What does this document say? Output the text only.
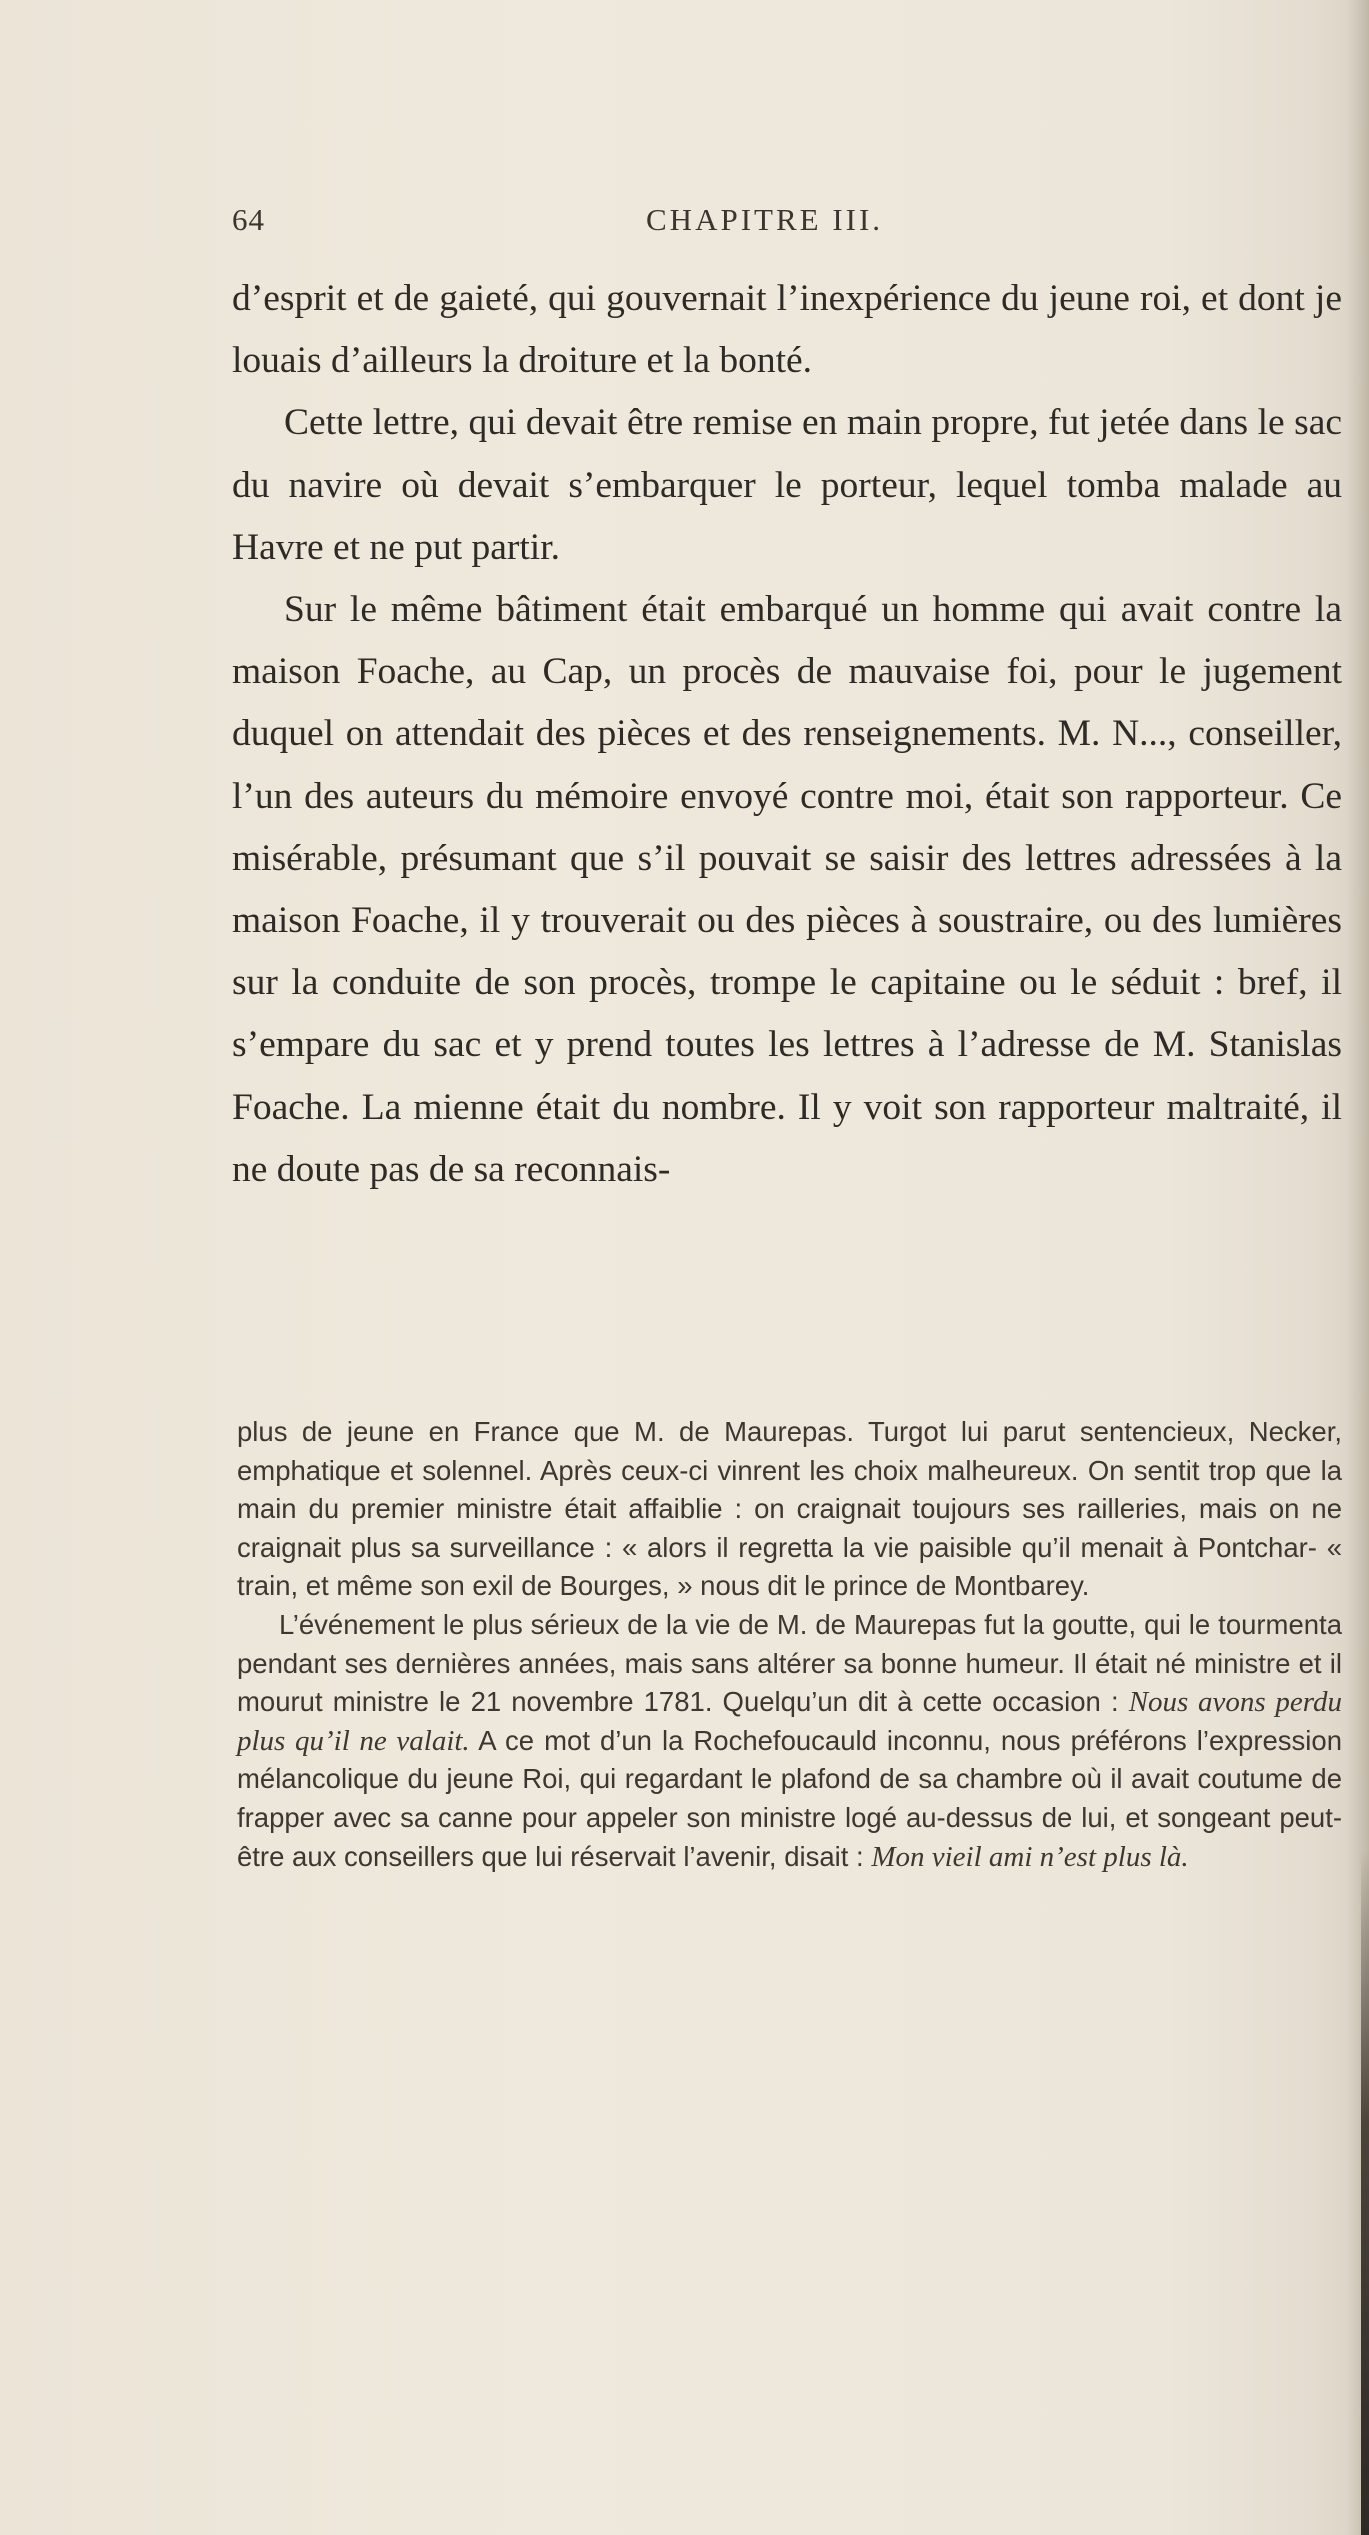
64	CHAPITRE III.

d’esprit et de gaieté, qui gouvernait l’inexpérience du jeune roi, et dont je louais d’ailleurs la droiture et la bonté.

Cette lettre, qui devait être remise en main propre, fut jetée dans le sac du navire où devait s’embarquer le porteur, lequel tomba malade au Havre et ne put partir.

Sur le même bâtiment était embarqué un homme qui avait contre la maison Foache, au Cap, un procès de mauvaise foi, pour le jugement duquel on attendait des pièces et des renseignements. M. N..., conseiller, l’un des auteurs du mémoire envoyé contre moi, était son rapporteur. Ce misérable, présumant que s’il pouvait se saisir des lettres adressées à la maison Foache, il y trouverait ou des pièces à soustraire, ou des lumières sur la conduite de son procès, trompe le capitaine ou le séduit : bref, il s’empare du sac et y prend toutes les lettres à l’adresse de M. Stanislas Foache. La mienne était du nombre. Il y voit son rapporteur maltraité, il ne doute pas de sa reconnais-

plus de jeune en France que M. de Maurepas. Turgot lui parut sentencieux, Necker, emphatique et solennel. Après ceux-ci vinrent les choix malheureux. On sentit trop que la main du premier ministre était affaiblie : on craignait toujours ses railleries, mais on ne craignait plus sa surveillance : « alors il regretta la vie paisible qu’il menait à Pontchar- « train, et même son exil de Bourges, » nous dit le prince de Montbarey.

L’événement le plus sérieux de la vie de M. de Maurepas fut la goutte, qui le tourmenta pendant ses dernières années, mais sans altérer sa bonne humeur. Il était né ministre et il mourut ministre le 21 novembre 1781. Quelqu’un dit à cette occasion : Nous avons perdu plus qu’il ne valait. A ce mot d’un la Rochefoucauld inconnu, nous préférons l’expression mélancolique du jeune Roi, qui regardant le plafond de sa chambre où il avait coutume de frapper avec sa canne pour appeler son ministre logé au-dessus de lui, et songeant peut-être aux conseillers que lui réservait l’avenir, disait : Mon vieil ami n’est plus là.
